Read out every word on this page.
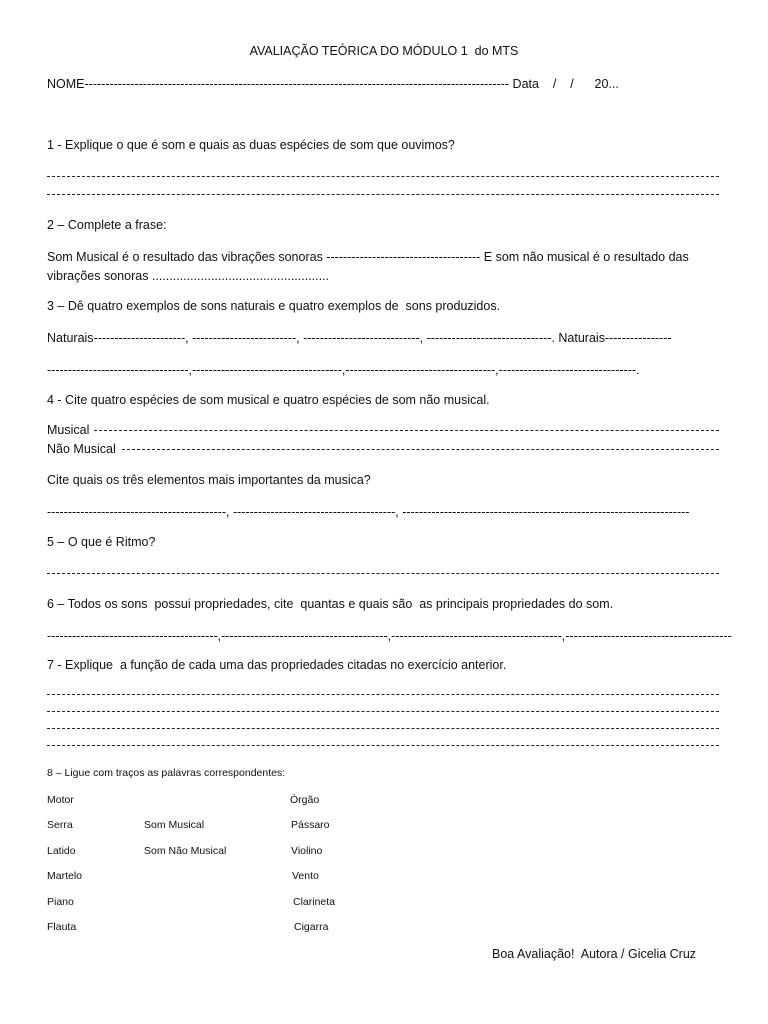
AVALIAÇÃO TEÓRICA DO MÓDULO 1  do MTS
NOME------------------------------------------------------------------------------------------------------ Data    /    /      20...
1 - Explique o que é som e quais as duas espécies de som que ouvimos?
2 – Complete a frase:
Som Musical é o resultado das vibrações sonoras ------------------------------------- E som não musical é o resultado das
vibrações sonoras ...................................................
3 – Dê quatro exemplos de sons naturais e quatro exemplos de  sons produzidos.
Naturais----------------------, -------------------------, ----------------------------, ------------------------------. Naturais----------------
----------------------------------,------------------------------------,------------------------------------,---------------------------------.
4 - Cite quatro espécies de som musical e quatro espécies de som não musical.
Musical
Não Musical
Cite quais os três elementos mais importantes da musica?
-------------------------------------------, ---------------------------------------, ---------------------------------------------------------------------
5 – O que é Ritmo?
6 – Todos os sons  possui propriedades, cite  quantas e quais são  as principais propriedades do som.
-----------------------------------------,----------------------------------------,-----------------------------------------,----------------------------------------
7 - Explique  a função de cada uma das propriedades citadas no exercício anterior.
8 – Ligue com traços as palavras correspondentes:
Motor
Serra
Latido
Martelo
Piano
Flauta
Som Musical
Som Não Musical
Órgão
Pássaro
Violino
Vento
Clarineta
Cigarra
Boa Avaliação!  Autora / Gicelia Cruz
